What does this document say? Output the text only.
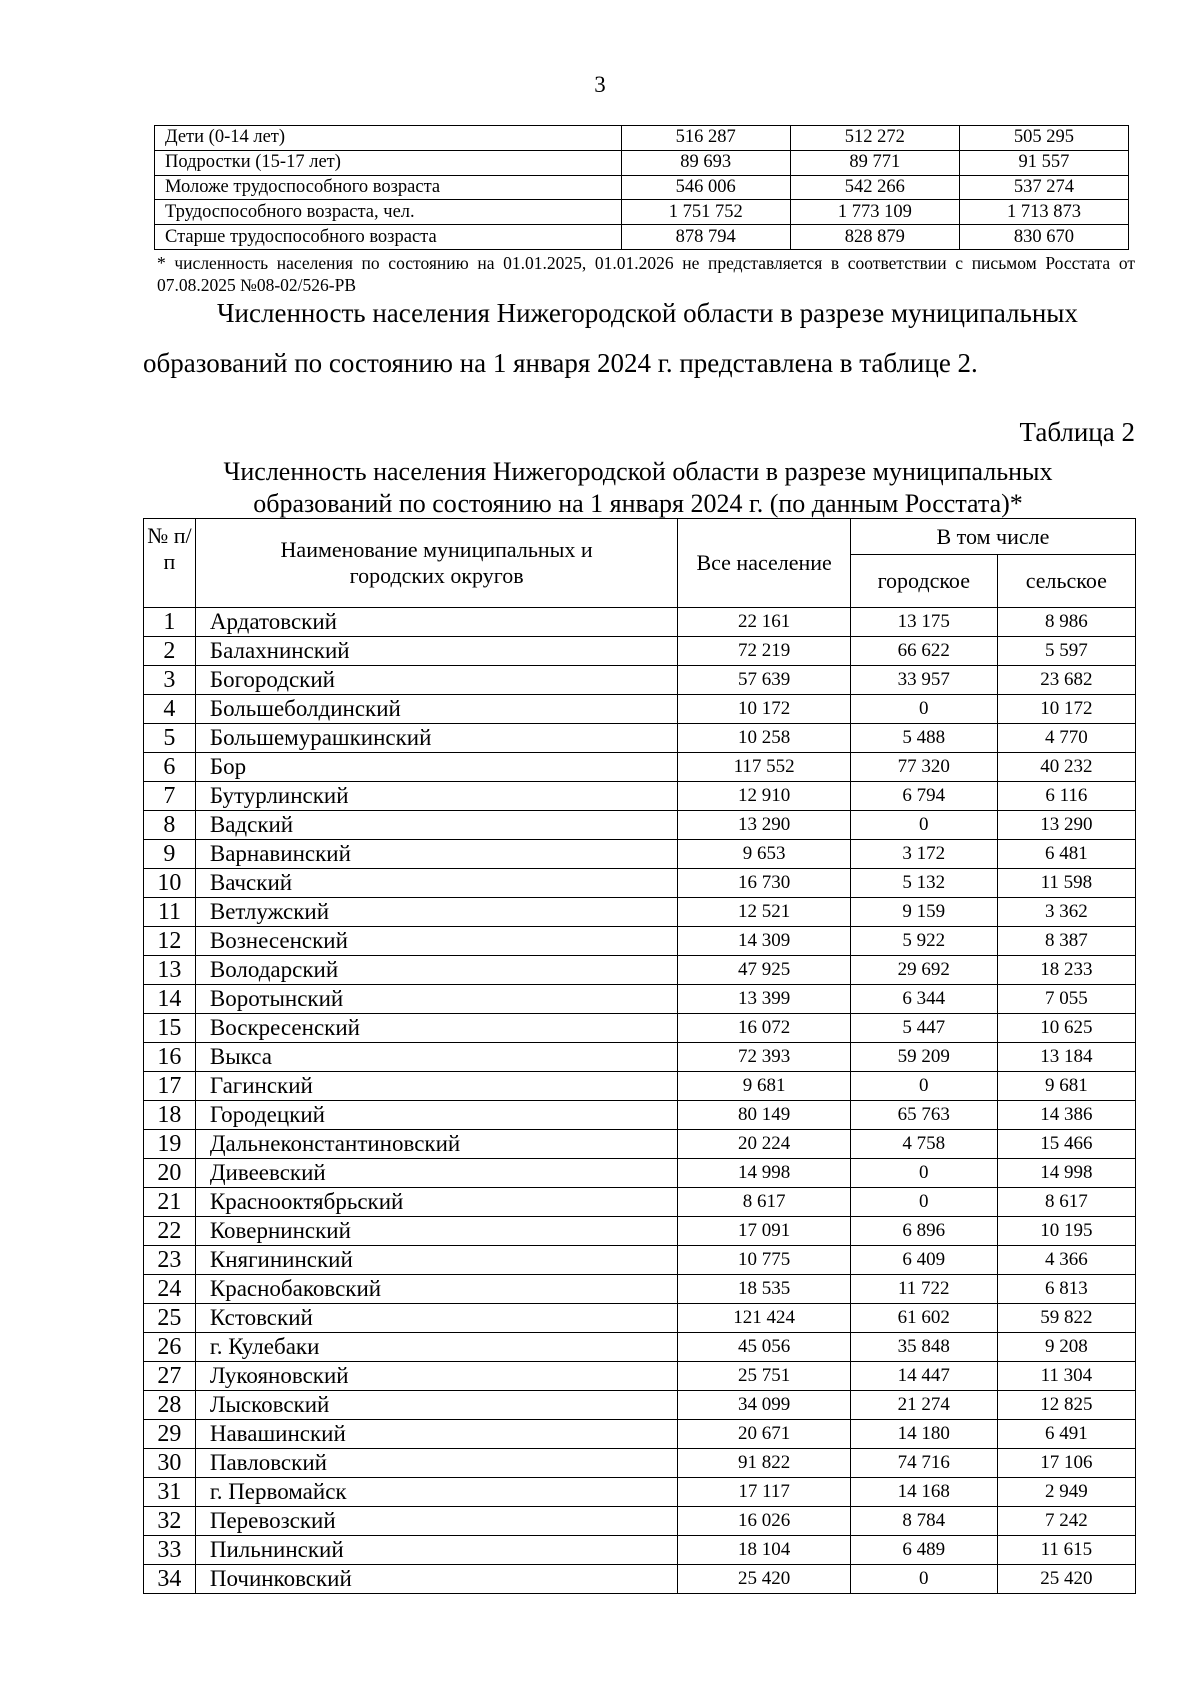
3
Дети (0-14 лет)	516 287	512 272	505 295
Подростки (15-17 лет)	89 693	89 771	91 557
Моложе трудоспособного возраста	546 006	542 266	537 274
Трудоспособного возраста, чел.	1 751 752	1 773 109	1 713 873
Старше трудоспособного возраста	878 794	828 879	830 670
* численность населения по состоянию на 01.01.2025, 01.01.2026 не представляется в соответствии с письмом Росстата от 07.08.2025 №08-02/526-РВ
Численность населения Нижегородской области в разрезе муниципальных
образований по состоянию на 1 января 2024 г. представлена в таблице 2.
Таблица 2
Численность населения Нижегородской области в разрезе муниципальных
образований по состоянию на 1 января 2024 г. (по данным Росстата)*
№ п/п	Наименование муниципальных и городских округов	Все население	В том числе	
			городское	сельское
1	Ардатовский	22 161	13 175	8 986
2	Балахнинский	72 219	66 622	5 597
3	Богородский	57 639	33 957	23 682
4	Большеболдинский	10 172	0	10 172
5	Большемурашкинский	10 258	5 488	4 770
6	Бор	117 552	77 320	40 232
7	Бутурлинский	12 910	6 794	6 116
8	Вадский	13 290	0	13 290
9	Варнавинский	9 653	3 172	6 481
10	Вачский	16 730	5 132	11 598
11	Ветлужский	12 521	9 159	3 362
12	Вознесенский	14 309	5 922	8 387
13	Володарский	47 925	29 692	18 233
14	Воротынский	13 399	6 344	7 055
15	Воскресенский	16 072	5 447	10 625
16	Выкса	72 393	59 209	13 184
17	Гагинский	9 681	0	9 681
18	Городецкий	80 149	65 763	14 386
19	Дальнеконстантиновский	20 224	4 758	15 466
20	Дивеевский	14 998	0	14 998
21	Краснооктябрьский	8 617	0	8 617
22	Ковернинский	17 091	6 896	10 195
23	Княгининский	10 775	6 409	4 366
24	Краснобаковский	18 535	11 722	6 813
25	Кстовский	121 424	61 602	59 822
26	г. Кулебаки	45 056	35 848	9 208
27	Лукояновский	25 751	14 447	11 304
28	Лысковский	34 099	21 274	12 825
29	Навашинский	20 671	14 180	6 491
30	Павловский	91 822	74 716	17 106
31	г. Первомайск	17 117	14 168	2 949
32	Перевозский	16 026	8 784	7 242
33	Пильнинский	18 104	6 489	11 615
34	Починковский	25 420	0	25 420
